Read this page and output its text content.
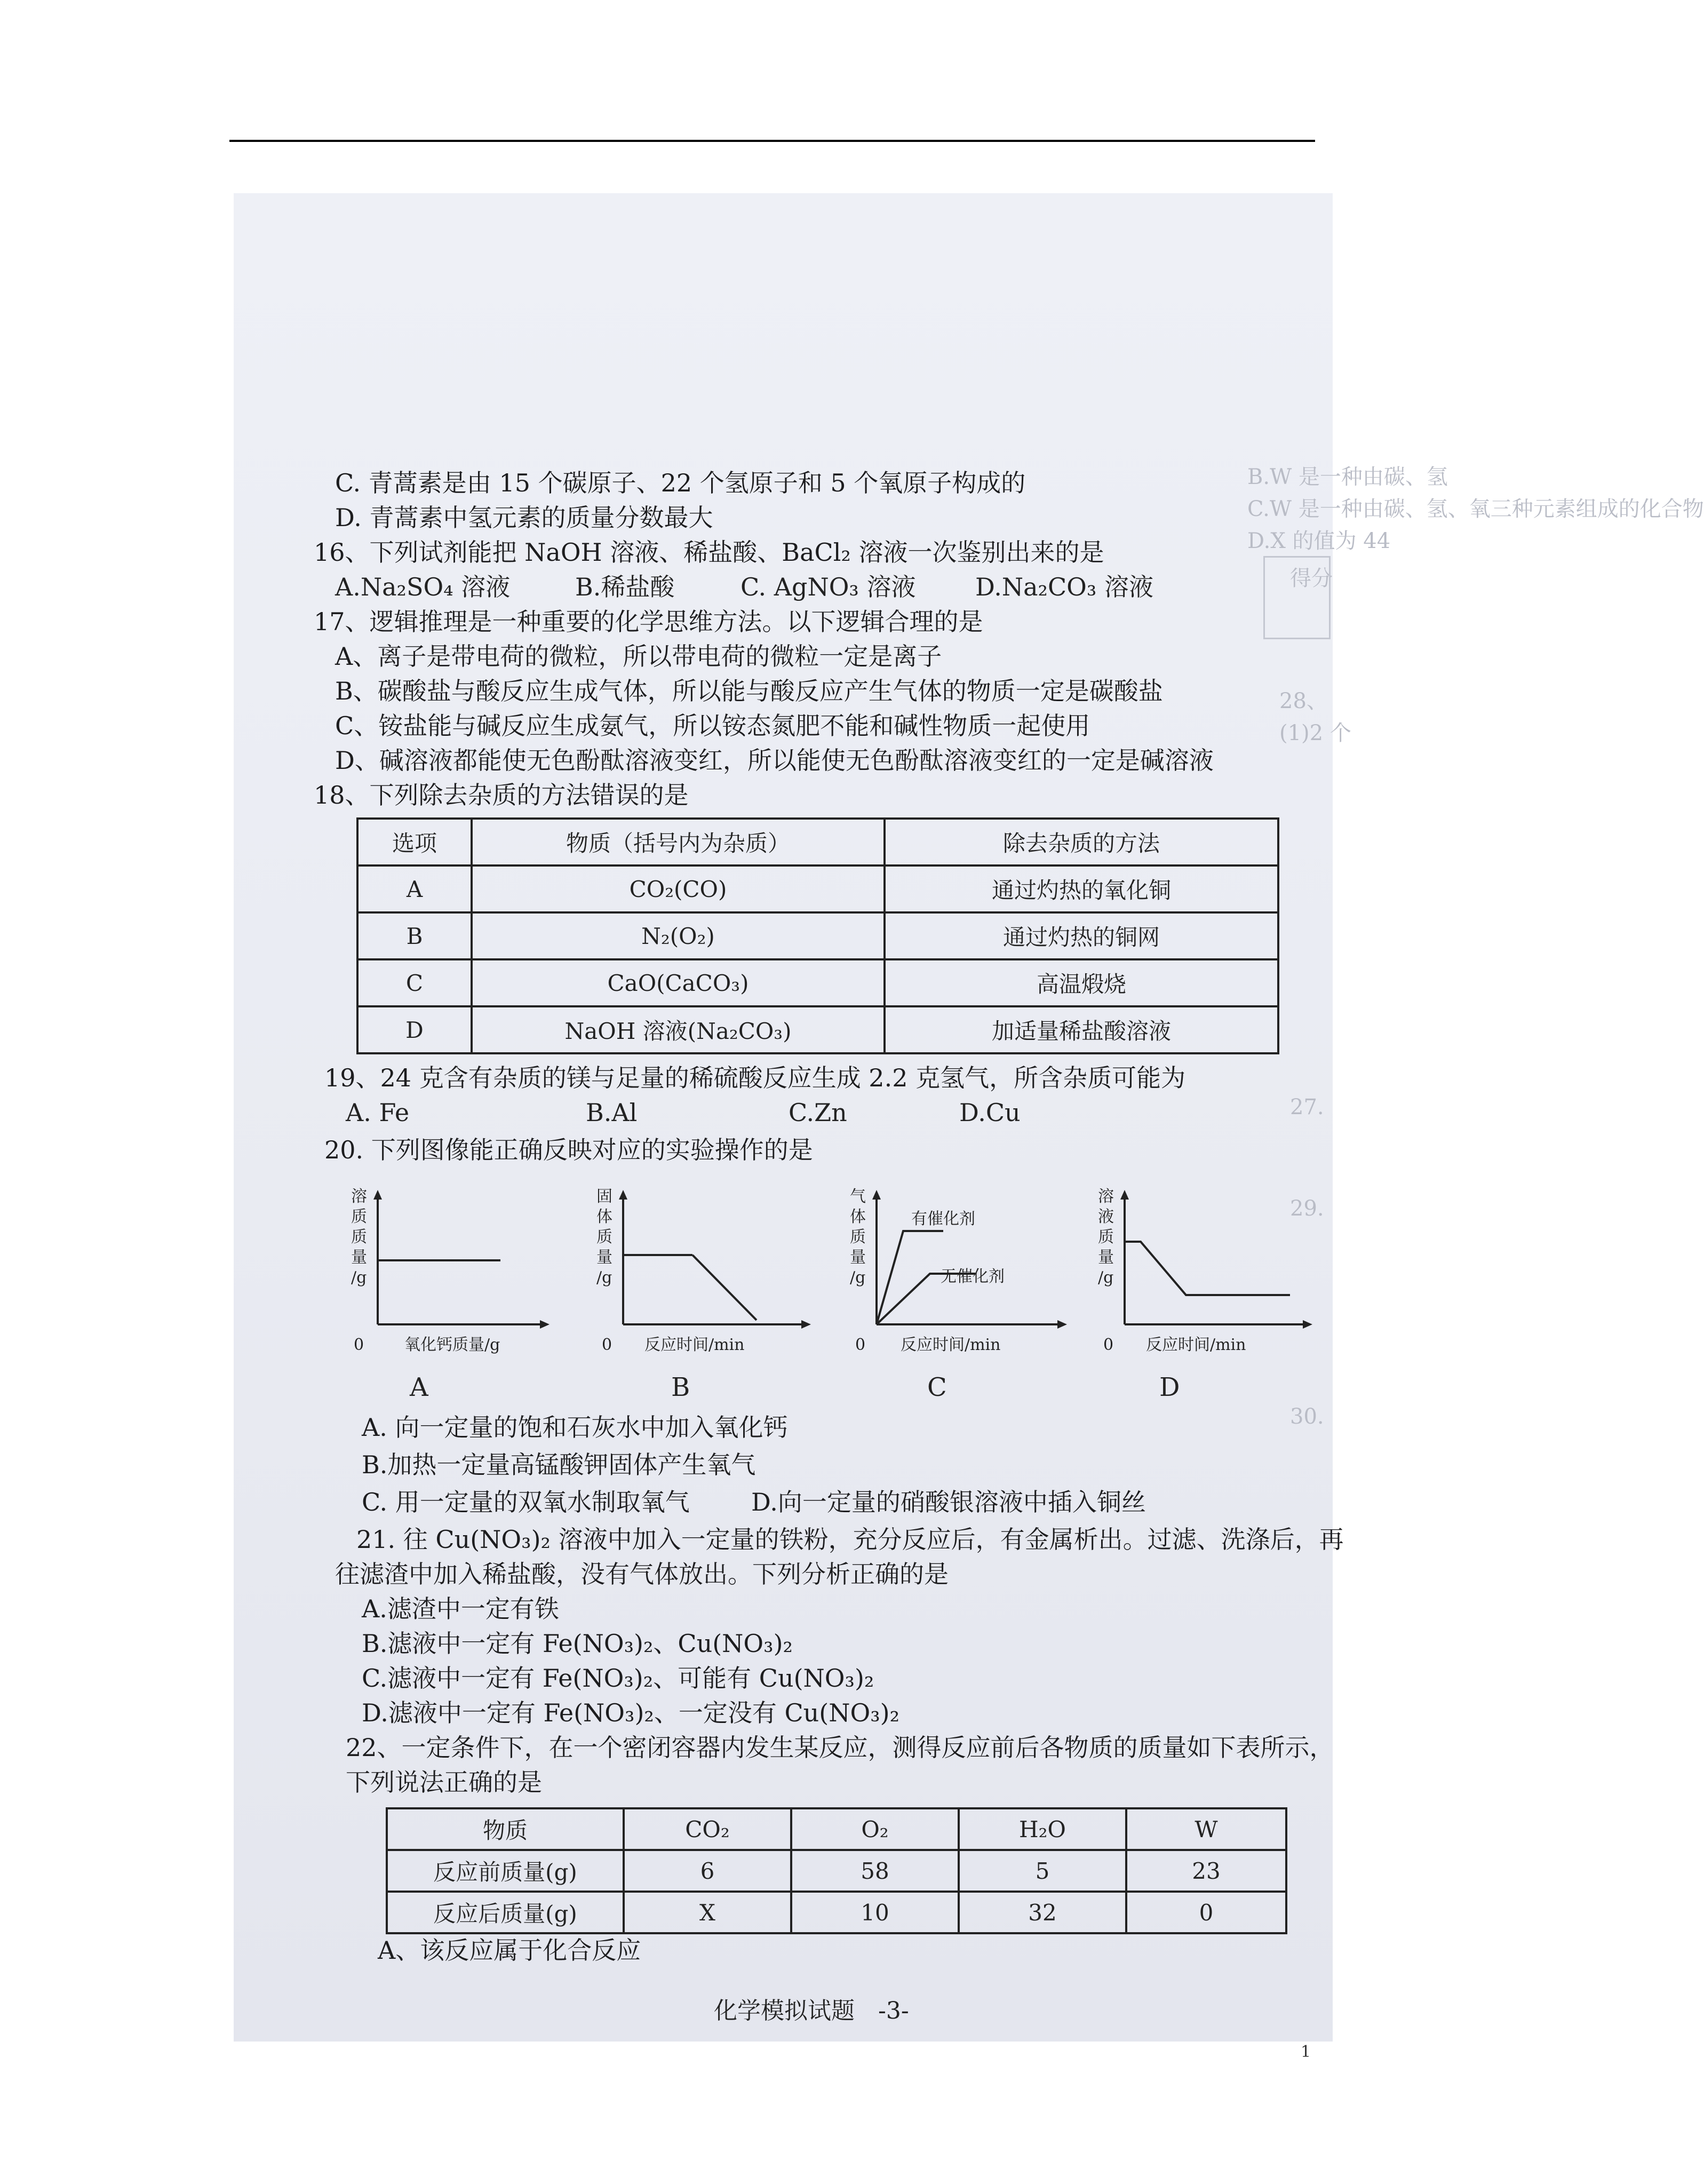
B.W 是一种由碳、氢
C.W 是一种由碳、氢、氧三种元素组成的化合物
D.X 的值为 44
得分
28、
(1)2 个
27.
29.
30.
C. 青蒿素是由 15 个碳原子、22 个氢原子和 5 个氧原子构成的
D. 青蒿素中氢元素的质量分数最大
16、下列试剂能把 NaOH 溶液、稀盐酸、BaCl₂ 溶液一次鉴别出来的是
A.Na₂SO₄ 溶液	B.稀盐酸	C. AgNO₃ 溶液 D.Na₂CO₃ 溶液
17、逻辑推理是一种重要的化学思维方法。以下逻辑合理的是
A、离子是带电荷的微粒，所以带电荷的微粒一定是离子
B、碳酸盐与酸反应生成气体，所以能与酸反应产生气体的物质一定是碳酸盐
C、铵盐能与碱反应生成氨气，所以铵态氮肥不能和碱性物质一起使用
D、碱溶液都能使无色酚酞溶液变红，所以能使无色酚酞溶液变红的一定是碱溶液
18、下列除去杂质的方法错误的是
选项	物质（括号内为杂质）	除去杂质的方法
A	CO₂(CO)	通过灼热的氧化铜
B	N₂(O₂)	通过灼热的铜网
C	CaO(CaCO₃)	高温煅烧
D	NaOH 溶液(Na₂CO₃)	加适量稀盐酸溶液
19、24 克含有杂质的镁与足量的稀硫酸反应生成 2.2 克氢气，所含杂质可能为
A. Fe	B.Al	C.Zn	D.Cu
20. 下列图像能正确反映对应的实验操作的是
溶
质
质
量
/g
0	氧化钙质量/g
A
固
体
质
量
/g
0 反应时间/min
B
气
体
质
量
/g
有催化剂
无催化剂
0 反应时间/min
C
溶
液
质
量
/g
0 反应时间/min
D
A. 向一定量的饱和石灰水中加入氧化钙
B.加热一定量高锰酸钾固体产生氧气
C. 用一定量的双氧水制取氧气	D.向一定量的硝酸银溶液中插入铜丝
21. 往 Cu(NO₃)₂ 溶液中加入一定量的铁粉，充分反应后，有金属析出。过滤、洗涤后，再
往滤渣中加入稀盐酸，没有气体放出。下列分析正确的是
A.滤渣中一定有铁
B.滤液中一定有 Fe(NO₃)₂、Cu(NO₃)₂
C.滤液中一定有 Fe(NO₃)₂、可能有 Cu(NO₃)₂
D.滤液中一定有 Fe(NO₃)₂、一定没有 Cu(NO₃)₂
22、一定条件下，在一个密闭容器内发生某反应，测得反应前后各物质的质量如下表所示，
下列说法正确的是
物质	CO₂	O₂	H₂O	W
反应前质量(g)	6	58	5	23
反应后质量(g)	X	10	32	0
A、该反应属于化合反应
化学模拟试题　-3-
1
